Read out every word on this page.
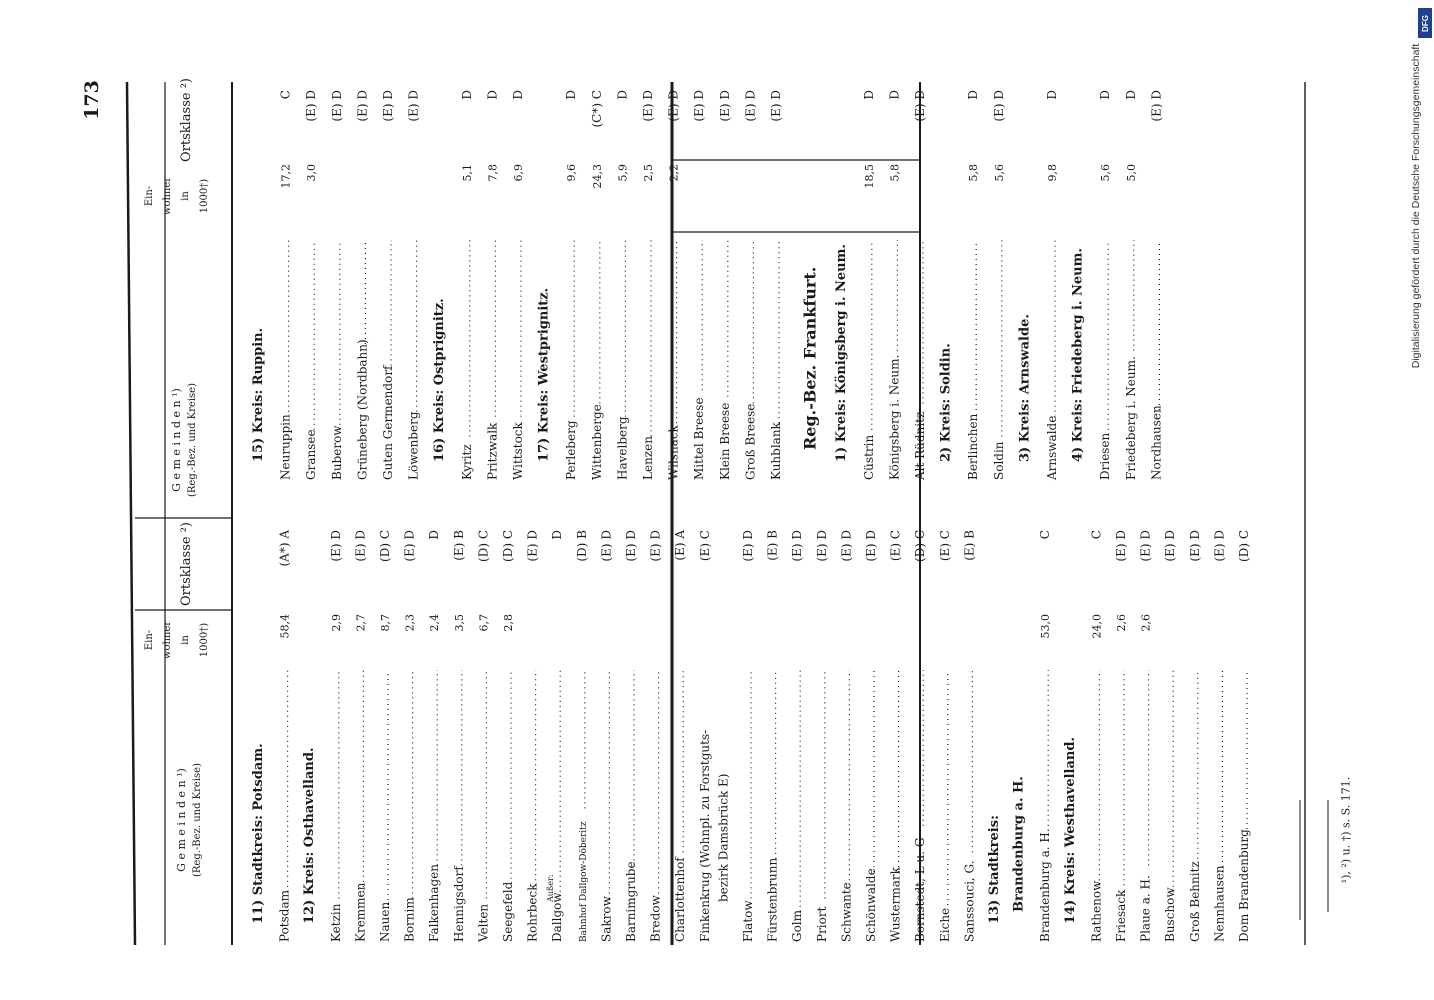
173
G e m e i n d e n ¹) (Reg.-Bez. und Kreise)
Ein- wohner in 1000†)
Ortsklasse ²)
G e m e i n d e n ¹) (Reg.-Bez. und Kreise)
Ein- wohner in 1000†)
Ortsklasse ²)
11) Stadtkreis: Potsdam. Potsdam
58,4
(A*) A
12) Kreis: Osthavelland. Ketzin
2,9
(E) D
Kremmen
2,7
(E) D
Nauen
8,7
(D) C
Bornim
2,3
(E) D
Falkenhagen
2,4
D
Hennigsdorf
3,5
(E) B
Velten
6,7
(D) C
Seegefeld
2,8
(D) C
Rohrbeck
(E) D
Außer:
Dallgow
D
Bahnhof Dallgow-Döberitz
(D) B
Sakrow
(E) D
Barnimgrube
(E) D
Bredow
(E) D
Charlottenhof
(E) A
Finkenkrug (Wohnpl. zu Forstguts-
(E) C
bezirk Damsbrück E)
Flatow
(E) D
Fürstenbrunn
(E) B
Golm
(E) D
Priort
(E) D
Schwante
(E) D
Schönwalde
(E) D
Wustermark
(E) C
Bornstedt, L u. G
(D) C
Eiche
(E) C
Sanssouci, G.
(E) B
13) Stadtkreis: Brandenburg a. H. Brandenburg a. H.
53,0
C
14) Kreis: Westhavelland. Rathenow
24,0
C
Friesack
2,6
(E) D
Plaue a. H.
2,6
(E) D
Buschow
(E) D
Groß Behnitz
(E) D
Nennhausen
(E) D
Dom Brandenburg
(D) C
15) Kreis: Ruppin. Neuruppin
17,2
C
Gransee
3,0
(E) D
Buberow
(E) D
Grüneberg (Nordbahn)
(E) D
Guten Germendorf
(E) D
Löwenberg
(E) D
16) Kreis: Ostprignitz.
Kyritz
5,1
D
Pritzwalk
7,8
D
Wittstock
6,9
D
17) Kreis: Westprignitz. Perleberg
9,6
D
Wittenberge
24,3
(C*) C
Havelberg
5,9
D
Lenzen
2,5
(E) D
Wilsnack
2,2
(E) D
Mittel Breese
(E) D
Klein Breese
(E) D
Groß Breese
(E) D
Kuhblank
(E) D
Reg.-Bez. Frankfurt. 1) Kreis: Königsberg i. Neum. Cüstrin
18,5
D
Königsberg i. Neum.
5,8
D
Alt Rüdnitz
(E) D
2) Kreis: Soldin. Berlinchen
5,8
D
Soldin
5,6
(E) D
3) Kreis: Arnswalde. Arnswalde
9,8
D
4) Kreis: Friedeberg i. Neum. Driesen
5,6
D
Friedeberg i. Neum.
5,0
D
Nordhausen
(E) D
¹), ²) u. †) s. S. 171.
Digitalisierung gefördert durch die Deutsche Forschungsgemeinschaft
DFG
